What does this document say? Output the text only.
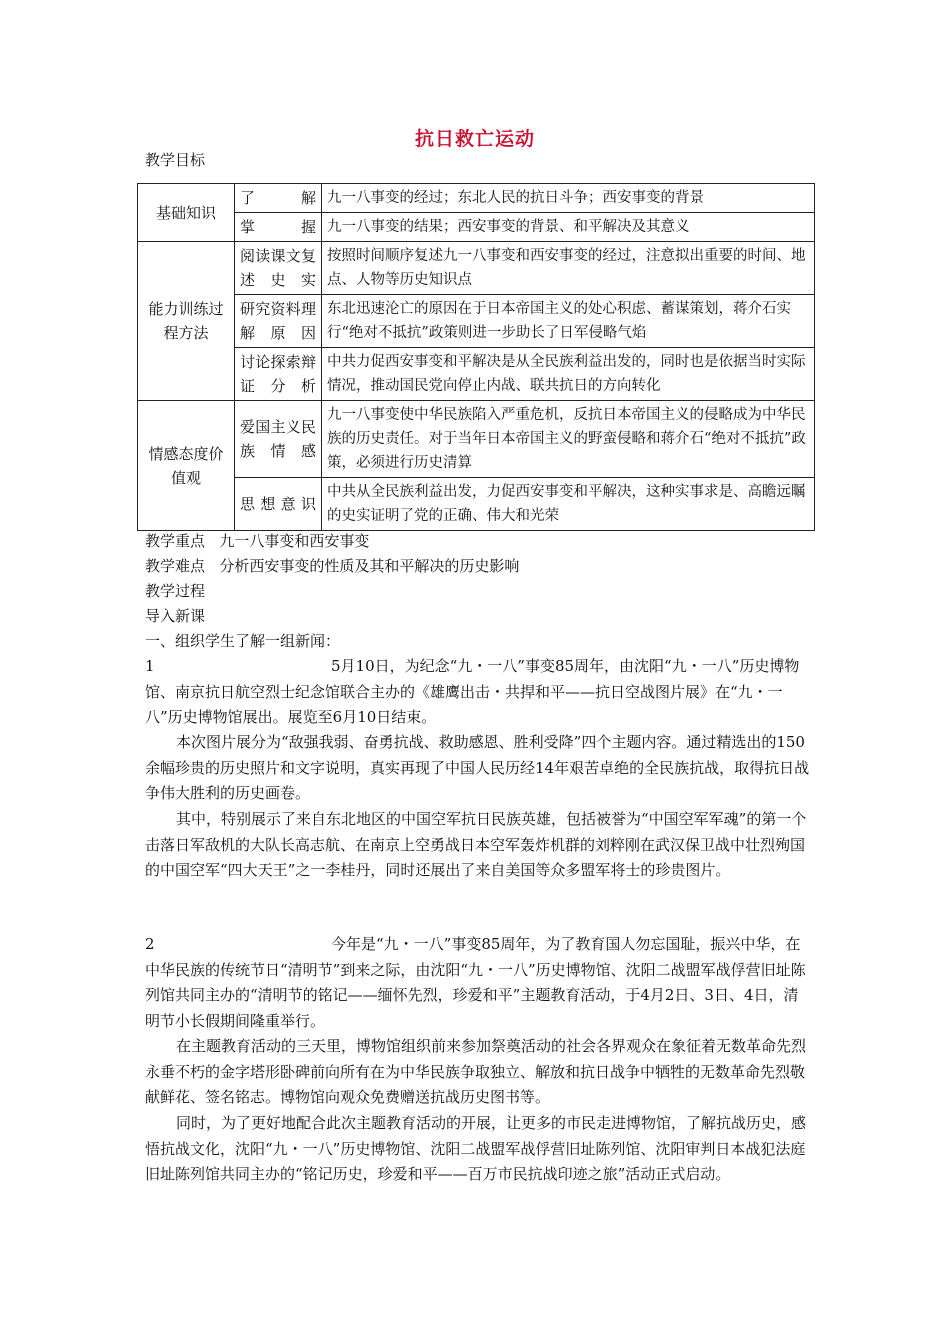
抗日救亡运动
教学目标
基础知识	了 解	九一八事变的经过；东北人民的抗日斗争；西安事变的背景
	掌 握	九一八事变的结果；西安事变的背景、和平解决及其意义
能力训练过程方法	阅读课文复述史实	按照时间顺序复述九一八事变和西安事变的经过，注意拟出重要的时间、地点、人物等历史知识点
	研究资料理解原因	东北迅速沦亡的原因在于日本帝国主义的处心积虑、蓄谋策划，蒋介石实行“绝对不抵抗”政策则进一步助长了日军侵略气焰
	讨论探索辩证分析	中共力促西安事变和平解决是从全民族利益出发的，同时也是依据当时实际情况，推动国民党向停止内战、联共抗日的方向转化
情感态度价值观	爱国主义民族情感	九一八事变使中华民族陷入严重危机，反抗日本帝国主义的侵略成为中华民族的历史责任。对于当年日本帝国主义的野蛮侵略和蒋介石“绝对不抵抗”政策，必须进行历史清算
	思想意识	中共从全民族利益出发，力促西安事变和平解决，这种实事求是、高瞻远瞩的史实证明了党的正确、伟大和光荣
教学重点 九一八事变和西安事变
教学难点 分析西安事变的性质及其和平解决的历史影响
教学过程
导入新课
一、组织学生了解一组新闻：
1	5月10日，为纪念“九・一八”事变85周年，由沈阳“九・一八”历史博物馆、南京抗日航空烈士纪念馆联合主办的《雄鹰出击・共捍和平——抗日空战图片展》在“九・一八”历史博物馆展出。展览至6月10日结束。
本次图片展分为“敌强我弱、奋勇抗战、救助感恩、胜利受降”四个主题内容。通过精选出的150余幅珍贵的历史照片和文字说明，真实再现了中国人民历经14年艰苦卓绝的全民族抗战，取得抗日战争伟大胜利的历史画卷。
其中，特别展示了来自东北地区的中国空军抗日民族英雄，包括被誉为“中国空军军魂”的第一个击落日军敌机的大队长高志航、在南京上空勇战日本空军轰炸机群的刘粹刚在武汉保卫战中壮烈殉国的中国空军“四大天王”之一李桂丹，同时还展出了来自美国等众多盟军将士的珍贵图片。
2	今年是“九・一八”事变85周年，为了教育国人勿忘国耻，振兴中华，在中华民族的传统节日“清明节”到来之际，由沈阳“九・一八”历史博物馆、沈阳二战盟军战俘营旧址陈列馆共同主办的“清明节的铭记——缅怀先烈，珍爱和平”主题教育活动，于4月2日、3日、4日，清明节小长假期间隆重举行。
在主题教育活动的三天里，博物馆组织前来参加祭奠活动的社会各界观众在象征着无数革命先烈永垂不朽的金字塔形卧碑前向所有在为中华民族争取独立、解放和抗日战争中牺牲的无数革命先烈敬献鲜花、签名铭志。博物馆向观众免费赠送抗战历史图书等。
同时，为了更好地配合此次主题教育活动的开展，让更多的市民走进博物馆，了解抗战历史，感悟抗战文化，沈阳“九・一八”历史博物馆、沈阳二战盟军战俘营旧址陈列馆、沈阳审判日本战犯法庭旧址陈列馆共同主办的“铭记历史，珍爱和平——百万市民抗战印迹之旅”活动正式启动。
